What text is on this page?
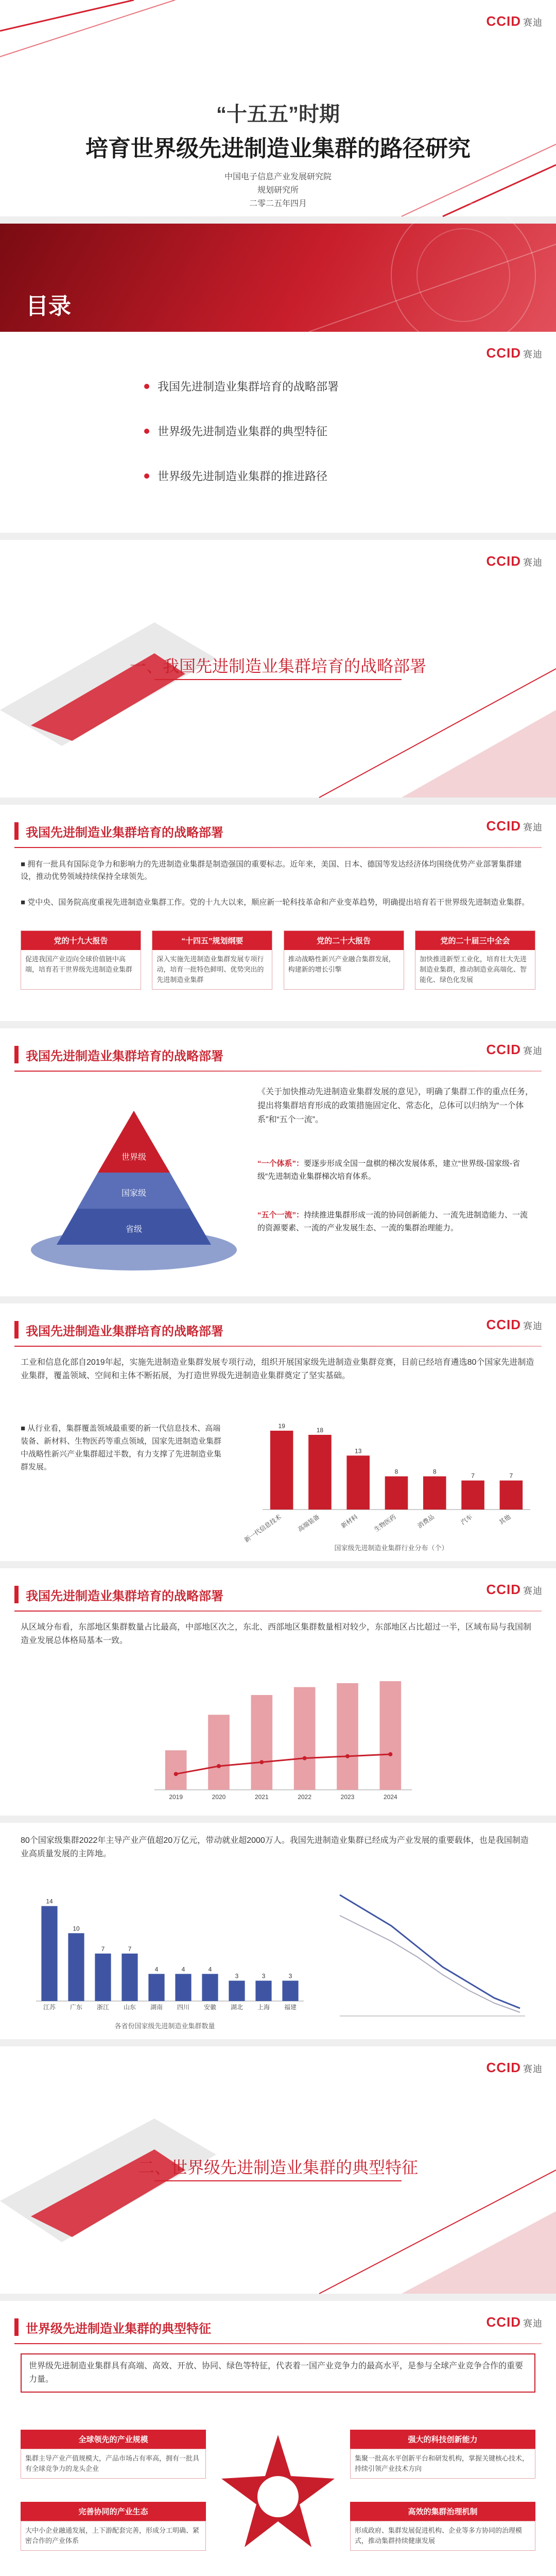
CCID 赛迪
“十五五”时期
培育世界级先进制造业集群的路径研究
中国电子信息产业发展研究院
规划研究所
二零二五年四月
目录
CCID 赛迪
我国先进制造业集群培育的战略部署
世界级先进制造业集群的典型特征
世界级先进制造业集群的推进路径
CCID 赛迪
一、我国先进制造业集群培育的战略部署
我国先进制造业集群培育的战略部署	CCID 赛迪
■ 拥有一批具有国际竞争力和影响力的先进制造业集群是制造强国的重要标志。近年来，美国、日本、德国等发达经济体均围绕优势产业部署集群建设，推动优势领域持续保持全球领先。
■ 党中央、国务院高度重视先进制造业集群工作。党的十九大以来，顺应新一轮科技革命和产业变革趋势，明确提出培育若干世界级先进制造业集群。
党的十九大报告
促进我国产业迈向全球价值链中高端，培育若干世界级先进制造业集群
“十四五”规划纲要
深入实施先进制造业集群发展专项行动，培育一批特色鲜明、优势突出的先进制造业集群
党的二十大报告
推动战略性新兴产业融合集群发展，构建新的增长引擎
党的二十届三中全会
加快推进新型工业化，培育壮大先进制造业集群，推动制造业高端化、智能化、绿色化发展
我国先进制造业集群培育的战略部署	CCID 赛迪
世界级
国家级
省级
《关于加快推动先进制造业集群发展的意见》，明确了集群工作的重点任务，提出将集群培育形成的政策措施固定化、常态化，总体可以归纳为“一个体系”和“五个一流”。
“一个体系”：要逐步形成全国一盘棋的梯次发展体系，建立“世界级-国家级-省级”先进制造业集群梯次培育体系。
“五个一流”：持续推进集群形成一流的协同创新能力、一流先进制造能力、一流的资源要素、一流的产业发展生态、一流的集群治理能力。
我国先进制造业集群培育的战略部署	CCID 赛迪
工业和信息化部自2019年起，实施先进制造业集群发展专项行动，组织开展国家级先进制造业集群竞赛，目前已经培育遴选80个国家先进制造业集群，覆盖领域、空间和主体不断拓展，为打造世界级先进制造业集群奠定了坚实基础。
■ 从行业看，集群覆盖领域最重要的新一代信息技术、高端装备、新材料、生物医药等重点领域，国家先进制造业集群中战略性新兴产业集群超过半数，有力支撑了先进制造业集群发展。
19
新一代信息技术
18
高端装备
13
新材料
8
生物医药
8
消费品
7
汽车
7
其他
国家级先进制造业集群行业分布（个）
我国先进制造业集群培育的战略部署	CCID 赛迪
从区域分布看，东部地区集群数量占比最高，中部地区次之，东北、西部地区集群数量相对较少，东部地区占比超过一半，区域布局与我国制造业发展总体格局基本一致。
2019	2020	2021	2022	2023	2024
80个国家级集群2022年主导产业产值超20万亿元，带动就业超2000万人。我国先进制造业集群已经成为产业发展的重要载体，也是我国制造业高质量发展的主阵地。
14
江苏
10
广东
7
浙江
7
山东
4
湖南
4
四川
4
安徽
3
湖北
3
上海
3
福建
各省份国家级先进制造业集群数量
CCID 赛迪
二、世界级先进制造业集群的典型特征
世界级先进制造业集群的典型特征	CCID 赛迪
世界级先进制造业集群具有高端、高效、开放、协同、绿色等特征，代表着一国产业竞争力的最高水平，是参与全球产业竞争合作的重要力量。
全球领先的产业规模
集群主导产业产值规模大，产品市场占有率高，拥有一批具有全球竞争力的龙头企业
完善协同的产业生态
大中小企业融通发展，上下游配套完善，形成分工明确、紧密合作的产业体系
强大的科技创新能力
集聚一批高水平创新平台和研发机构，掌握关键核心技术，持续引领产业技术方向
高效的集群治理机制
形成政府、集群发展促进机构、企业等多方协同的治理模式，推动集群持续健康发展
